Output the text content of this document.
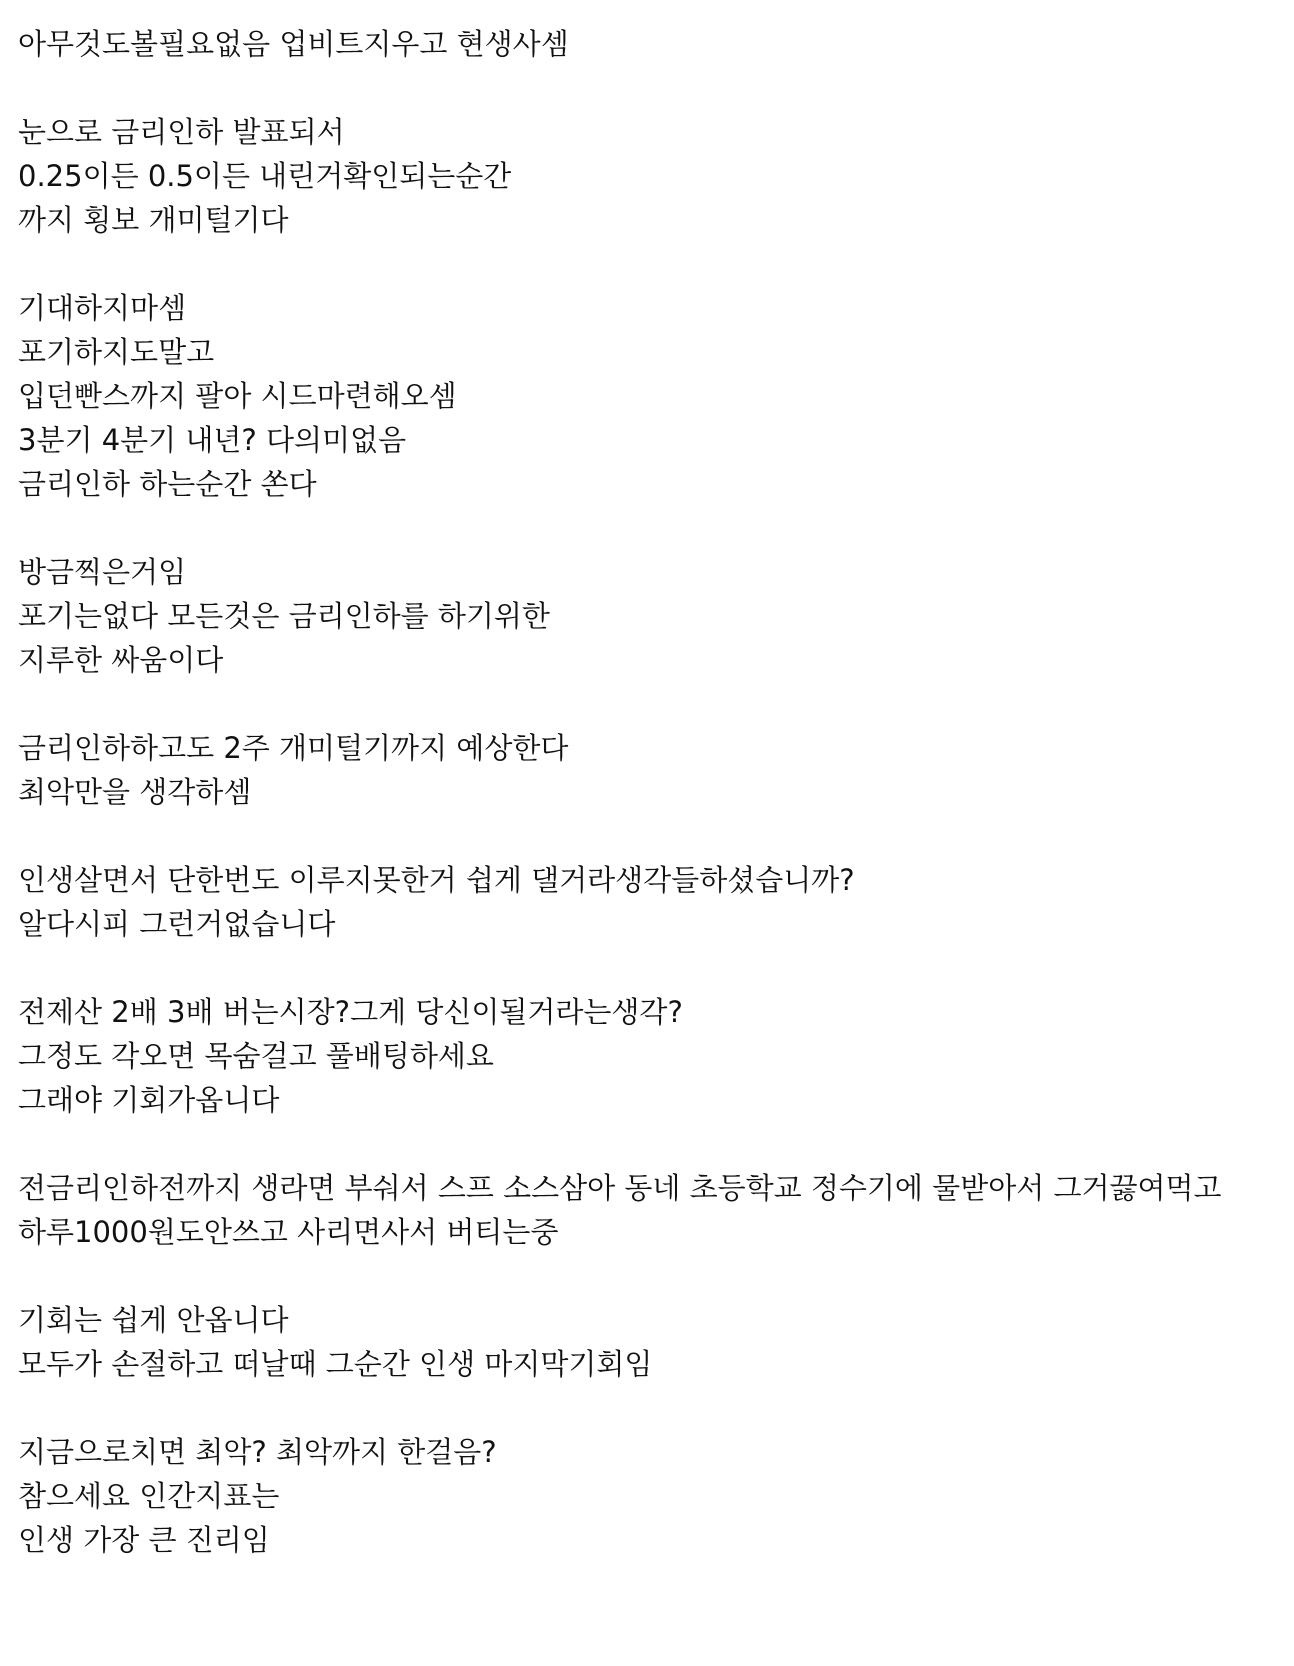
아무것도볼필요없음 업비트지우고 현생사셈
눈으로 금리인하 발표되서
0.25이든 0.5이든 내린거확인되는순간
까지 횡보 개미털기다
기대하지마셈
포기하지도말고
입던빤스까지 팔아 시드마련해오셈
3분기 4분기 내년? 다의미없음
금리인하 하는순간 쏜다
방금찍은거임
포기는없다 모든것은 금리인하를 하기위한
지루한 싸움이다
금리인하하고도 2주 개미털기까지 예상한다
최악만을 생각하셈
인생살면서 단한번도 이루지못한거 쉽게 댈거라생각들하셨습니까?
알다시피 그런거없습니다
전제산 2배 3배 버는시장?그게 당신이될거라는생각?
그정도 각오면 목숨걸고 풀배팅하세요
그래야 기회가옵니다
전금리인하전까지 생라면 부숴서 스프 소스삼아 동네 초등학교 정수기에 물받아서 그거끓여먹고
하루1000원도안쓰고 사리면사서 버티는중
기회는 쉽게 안옵니다
모두가 손절하고 떠날때 그순간 인생 마지막기회임
지금으로치면 최악? 최악까지 한걸음?
참으세요 인간지표는
인생 가장 큰 진리임
